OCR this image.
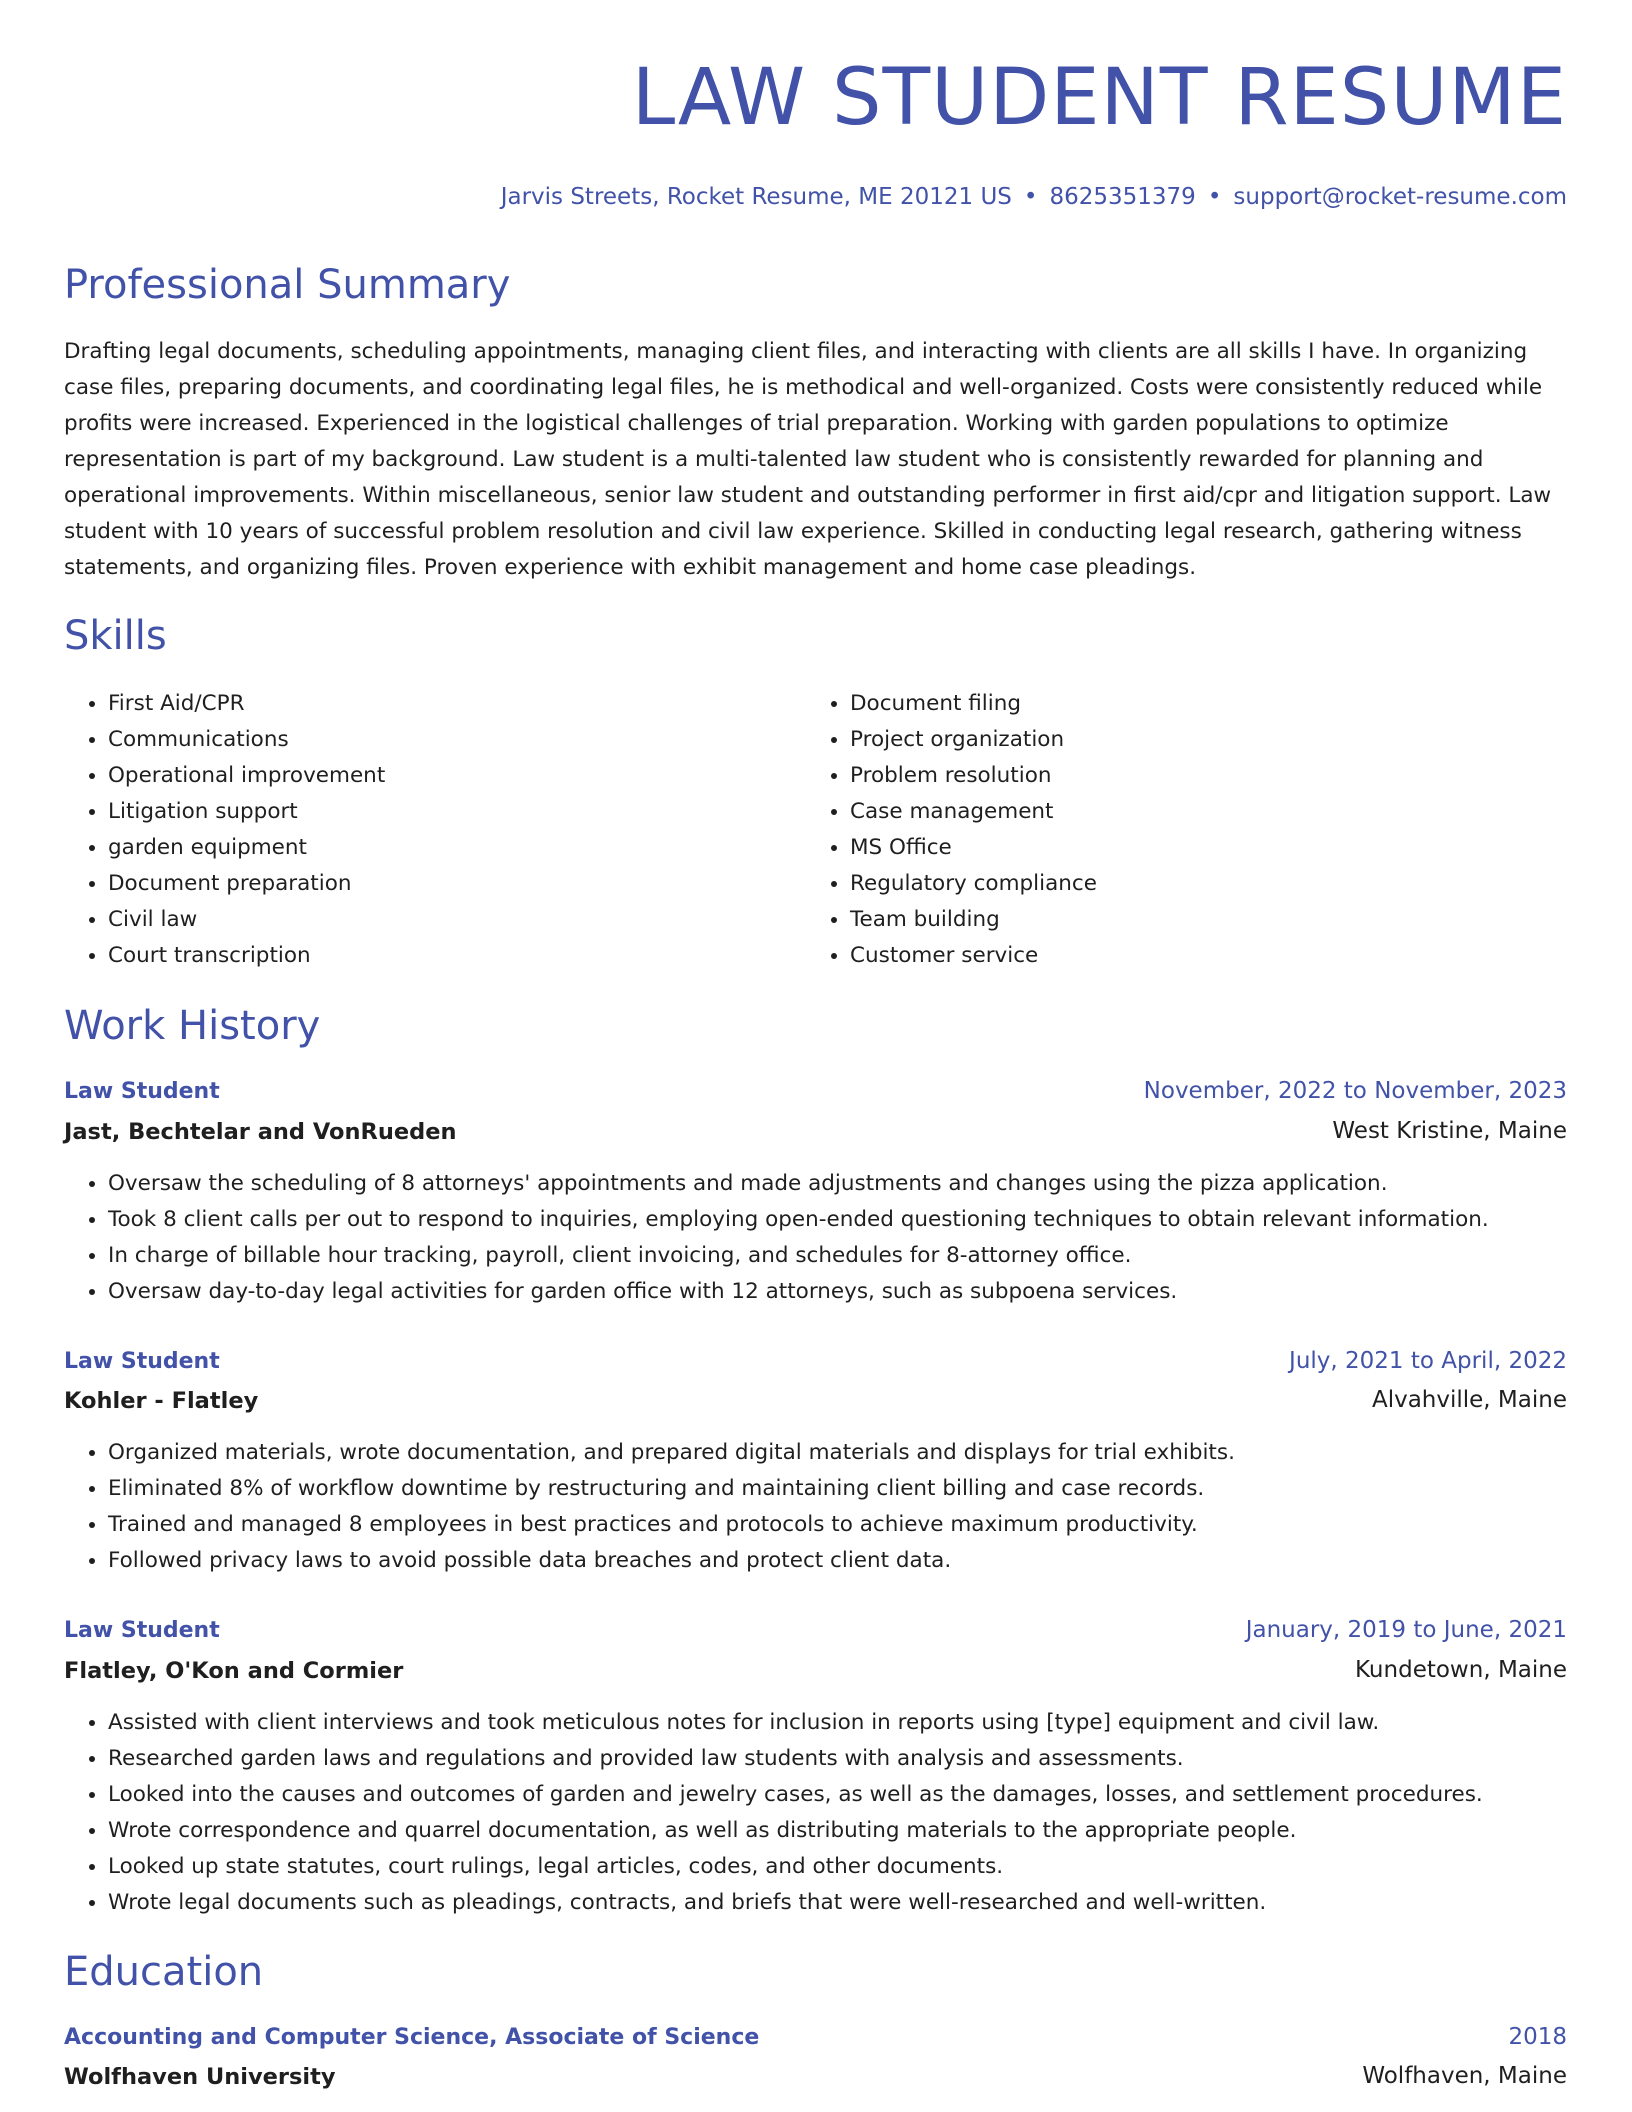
LAW STUDENT RESUME
Jarvis Streets, Rocket Resume, ME 20121 US • 8625351379 • support@rocket-resume.com
Professional Summary

Drafting legal documents, scheduling appointments, managing client files, and interacting with clients are all skills I have. In organizing case files, preparing documents, and coordinating legal files, he is methodical and well-organized. Costs were consistently reduced while profits were increased. Experienced in the logistical challenges of trial preparation. Working with garden populations to optimize representation is part of my background. Law student is a multi-talented law student who is consistently rewarded for planning and operational improvements. Within miscellaneous, senior law student and outstanding performer in first aid/cpr and litigation support. Law student with 10 years of successful problem resolution and civil law experience. Skilled in conducting legal research, gathering witness statements, and organizing files. Proven experience with exhibit management and home case pleadings.

Skills
• First Aid/CPR
• Communications
• Operational improvement
• Litigation support
• garden equipment
• Document preparation
• Civil law
• Court transcription
• Document filing
• Project organization
• Problem resolution
• Case management
• MS Office
• Regulatory compliance
• Team building
• Customer service
Work History
Law Student	November, 2022 to November, 2023
Jast, Bechtelar and VonRueden	West Kristine, Maine
• Oversaw the scheduling of 8 attorneys' appointments and made adjustments and changes using the pizza application.
• Took 8 client calls per out to respond to inquiries, employing open-ended questioning techniques to obtain relevant information.
• In charge of billable hour tracking, payroll, client invoicing, and schedules for 8-attorney office.
• Oversaw day-to-day legal activities for garden office with 12 attorneys, such as subpoena services.
Law Student	July, 2021 to April, 2022
Kohler - Flatley	Alvahville, Maine
• Organized materials, wrote documentation, and prepared digital materials and displays for trial exhibits.
• Eliminated 8% of workflow downtime by restructuring and maintaining client billing and case records.
• Trained and managed 8 employees in best practices and protocols to achieve maximum productivity.
• Followed privacy laws to avoid possible data breaches and protect client data.
Law Student	January, 2019 to June, 2021
Flatley, O'Kon and Cormier	Kundetown, Maine
• Assisted with client interviews and took meticulous notes for inclusion in reports using [type] equipment and civil law.
• Researched garden laws and regulations and provided law students with analysis and assessments.
• Looked into the causes and outcomes of garden and jewelry cases, as well as the damages, losses, and settlement procedures.
• Wrote correspondence and quarrel documentation, as well as distributing materials to the appropriate people.
• Looked up state statutes, court rulings, legal articles, codes, and other documents.
• Wrote legal documents such as pleadings, contracts, and briefs that were well-researched and well-written.
Education
Accounting and Computer Science, Associate of Science	2018
Wolfhaven University	Wolfhaven, Maine
